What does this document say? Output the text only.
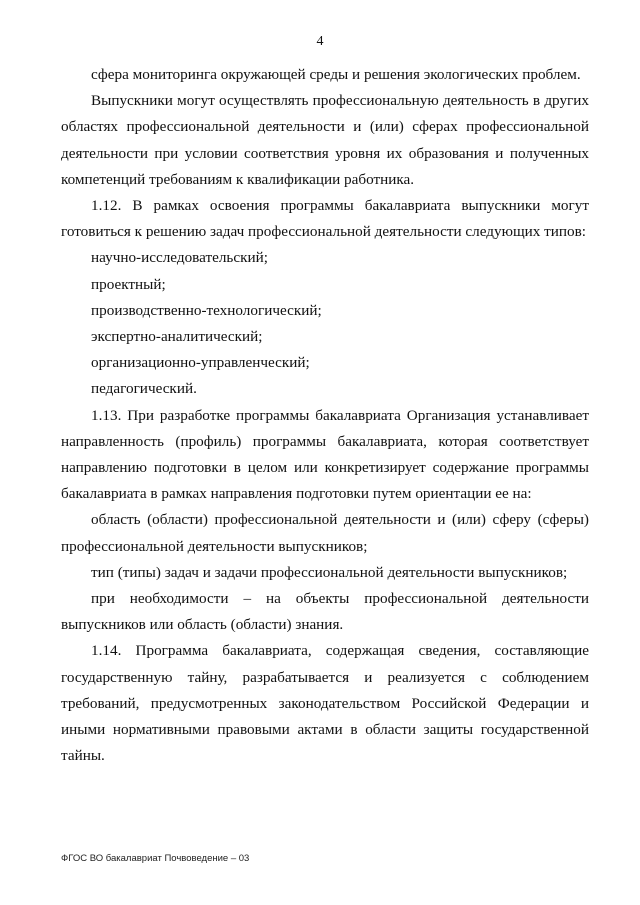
4

сфера мониторинга окружающей среды и решения экологических проблем.

Выпускники могут осуществлять профессиональную деятельность в других областях профессиональной деятельности и (или) сферах профессиональной деятельности при условии соответствия уровня их образования и полученных компетенций требованиям к квалификации работника.

1.12. В рамках освоения программы бакалавриата выпускники могут готовиться к решению задач профессиональной деятельности следующих типов:

научно-исследовательский;

проектный;

производственно-технологический;

экспертно-аналитический;

организационно-управленческий;

педагогический.

1.13. При разработке программы бакалавриата Организация устанавливает направленность (профиль) программы бакалавриата, которая соответствует направлению подготовки в целом или конкретизирует содержание программы бакалавриата в рамках направления подготовки путем ориентации ее на:

область (области) профессиональной деятельности и (или) сферу (сферы) профессиональной деятельности выпускников;

тип (типы) задач и задачи профессиональной деятельности выпускников;

при необходимости – на объекты профессиональной деятельности выпускников или область (области) знания.

1.14. Программа бакалавриата, содержащая сведения, составляющие государственную тайну, разрабатывается и реализуется с соблюдением требований, предусмотренных законодательством Российской Федерации и иными нормативными правовыми актами в области защиты государственной тайны.

ФГОС ВО бакалавриат Почвоведение – 03
